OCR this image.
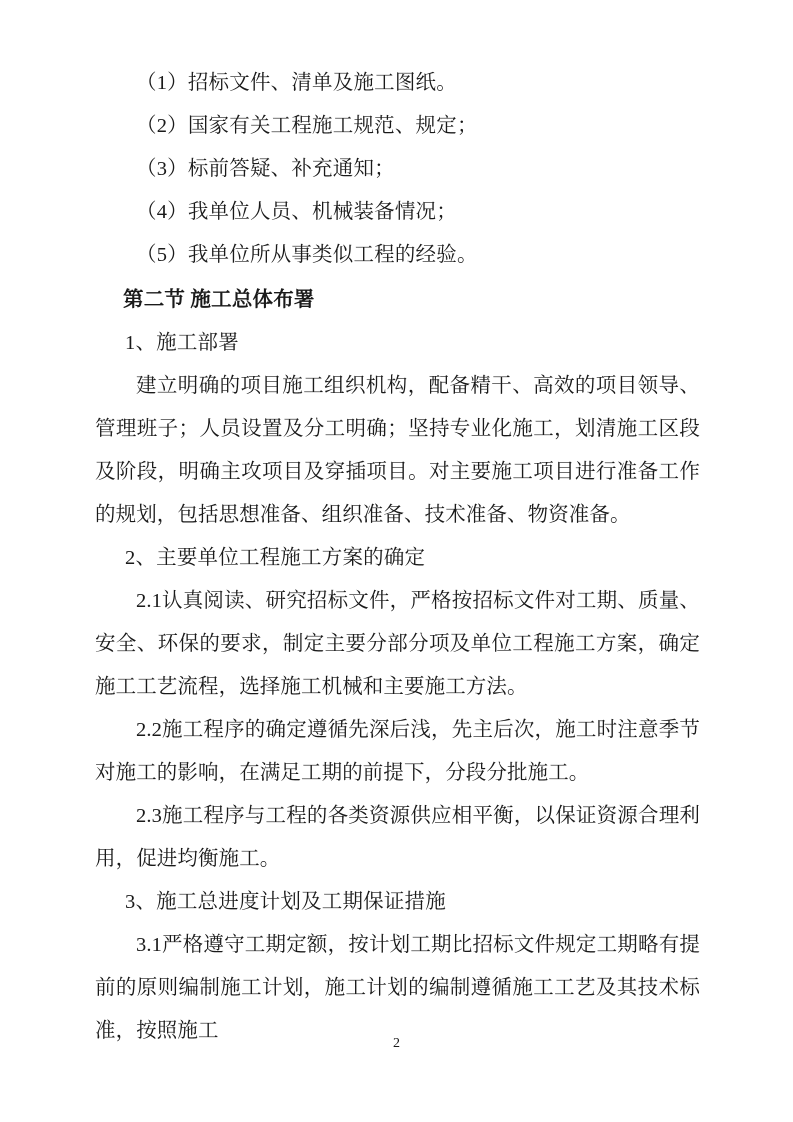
（1）招标文件、清单及施工图纸。
（2）国家有关工程施工规范、规定；
（3）标前答疑、补充通知；
（4）我单位人员、机械装备情况；
（5）我单位所从事类似工程的经验。
第二节 施工总体布署
1、施工部署
建立明确的项目施工组织机构，配备精干、高效的项目领导、管理班子；人员设置及分工明确；坚持专业化施工，划清施工区段及阶段，明确主攻项目及穿插项目。对主要施工项目进行准备工作的规划，包括思想准备、组织准备、技术准备、物资准备。
2、主要单位工程施工方案的确定
2.1认真阅读、研究招标文件，严格按招标文件对工期、质量、安全、环保的要求，制定主要分部分项及单位工程施工方案，确定施工工艺流程，选择施工机械和主要施工方法。
2.2施工程序的确定遵循先深后浅，先主后次，施工时注意季节对施工的影响，在满足工期的前提下，分段分批施工。
2.3施工程序与工程的各类资源供应相平衡，以保证资源合理利用，促进均衡施工。
3、施工总进度计划及工期保证措施
3.1严格遵守工期定额，按计划工期比招标文件规定工期略有提前的原则编制施工计划，施工计划的编制遵循施工工艺及其技术标准，按照施工
2
